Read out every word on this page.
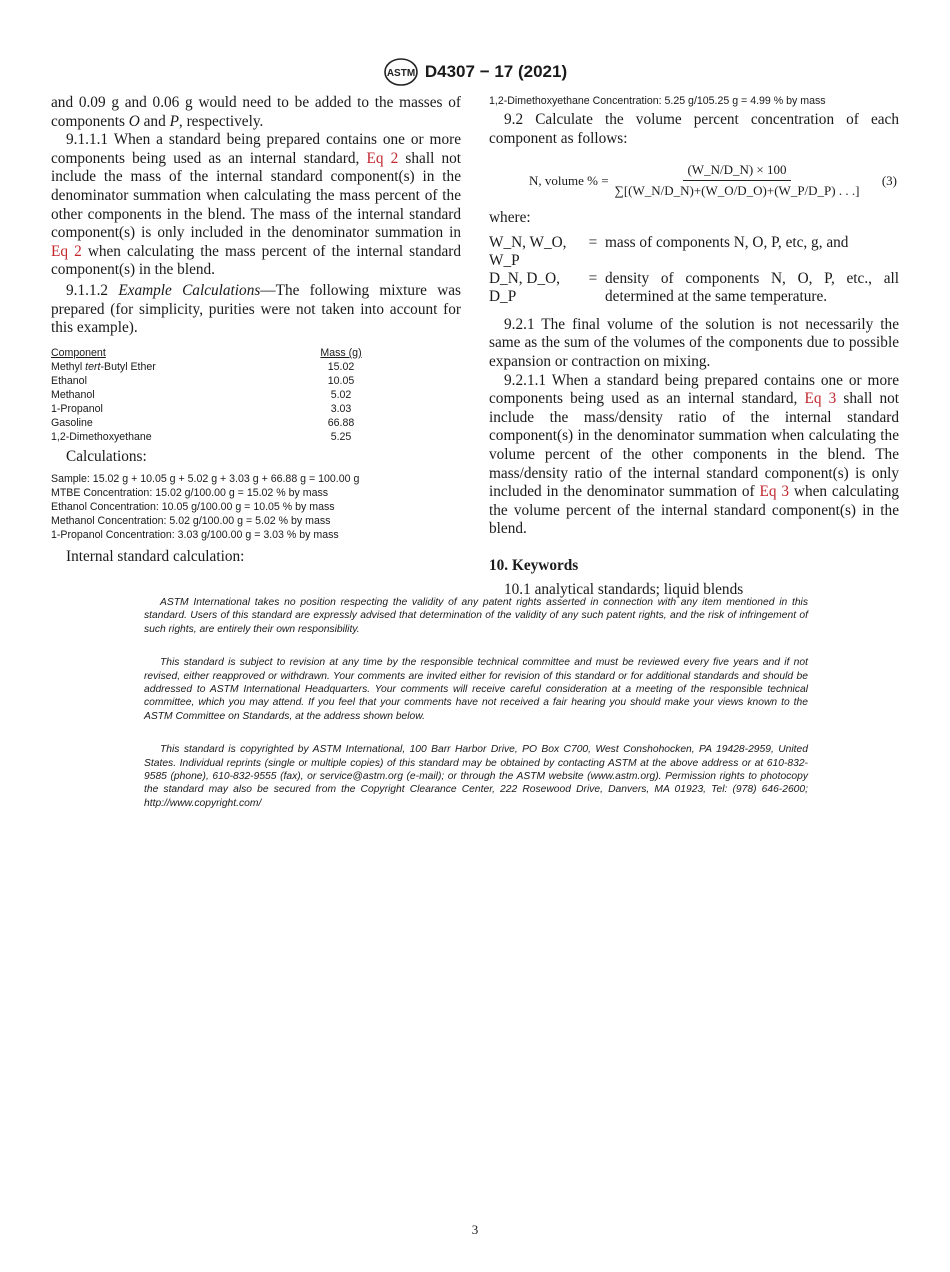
ASTM D4307 − 17 (2021)

and 0.09 g and 0.06 g would need to be added to the masses of components O and P, respectively.

9.1.1.1 When a standard being prepared contains one or more components being used as an internal standard, Eq 2 shall not include the mass of the internal standard component(s) in the denominator summation when calculating the mass percent of the other components in the blend. The mass of the internal standard component(s) is only included in the denominator summation in Eq 2 when calculating the mass percent of the internal standard component(s) in the blend.

9.1.1.2 Example Calculations—The following mixture was prepared (for simplicity, purities were not taken into account for this example).

Component	Mass (g)
Methyl tert-Butyl Ether	15.02
Ethanol	10.05
Methanol	5.02
1-Propanol	3.03
Gasoline	66.88
1,2-Dimethoxyethane	5.25

Calculations:

Sample: 15.02 g + 10.05 g + 5.02 g + 3.03 g + 66.88 g = 100.00 g
MTBE Concentration: 15.02 g/100.00 g = 15.02 % by mass
Ethanol Concentration: 10.05 g/100.00 g = 10.05 % by mass
Methanol Concentration: 5.02 g/100.00 g = 5.02 % by mass
1-Propanol Concentration: 3.03 g/100.00 g = 3.03 % by mass

Internal standard calculation:

1,2-Dimethoxyethane Concentration: 5.25 g/105.25 g = 4.99 % by mass

9.2 Calculate the volume percent concentration of each component as follows:

N, volume % = $\frac{(W\_N/D\_N) \times 100}{\sum[(W\_N/D\_N)+(W\_O/D\_O)+(W\_P/D\_P) . . .]} (3)$

where:

W_N, W_O, W_P
= mass of components N, O, P, etc, g, and
D_N, D_O, D_P
= density of components N, O, P, etc., all determined at the same temperature.

9.2.1 The final volume of the solution is not necessarily the same as the sum of the volumes of the components due to possible expansion or contraction on mixing.

9.2.1.1 When a standard being prepared contains one or more components being used as an internal standard, Eq 3 shall not include the mass/density ratio of the internal standard component(s) in the denominator summation when calculating the volume percent of the other components in the blend. The mass/density ratio of the internal standard component(s) is only included in the denominator summation of Eq 3 when calculating the volume percent of the internal standard component(s) in the blend.

10. Keywords

10.1 analytical standards; liquid blends

ASTM International takes no position respecting the validity of any patent rights asserted in connection with any item mentioned in this standard. Users of this standard are expressly advised that determination of the validity of any such patent rights, and the risk of infringement of such rights, are entirely their own responsibility.

This standard is subject to revision at any time by the responsible technical committee and must be reviewed every five years and if not revised, either reapproved or withdrawn. Your comments are invited either for revision of this standard or for additional standards and should be addressed to ASTM International Headquarters. Your comments will receive careful consideration at a meeting of the responsible technical committee, which you may attend. If you feel that your comments have not received a fair hearing you should make your views known to the ASTM Committee on Standards, at the address shown below.

This standard is copyrighted by ASTM International, 100 Barr Harbor Drive, PO Box C700, West Conshohocken, PA 19428-2959, United States. Individual reprints (single or multiple copies) of this standard may be obtained by contacting ASTM at the above address or at 610-832-9585 (phone), 610-832-9555 (fax), or service@astm.org (e-mail); or through the ASTM website (www.astm.org). Permission rights to photocopy the standard may also be secured from the Copyright Clearance Center, 222 Rosewood Drive, Danvers, MA 01923, Tel: (978) 646-2600; http://www.copyright.com/

3
